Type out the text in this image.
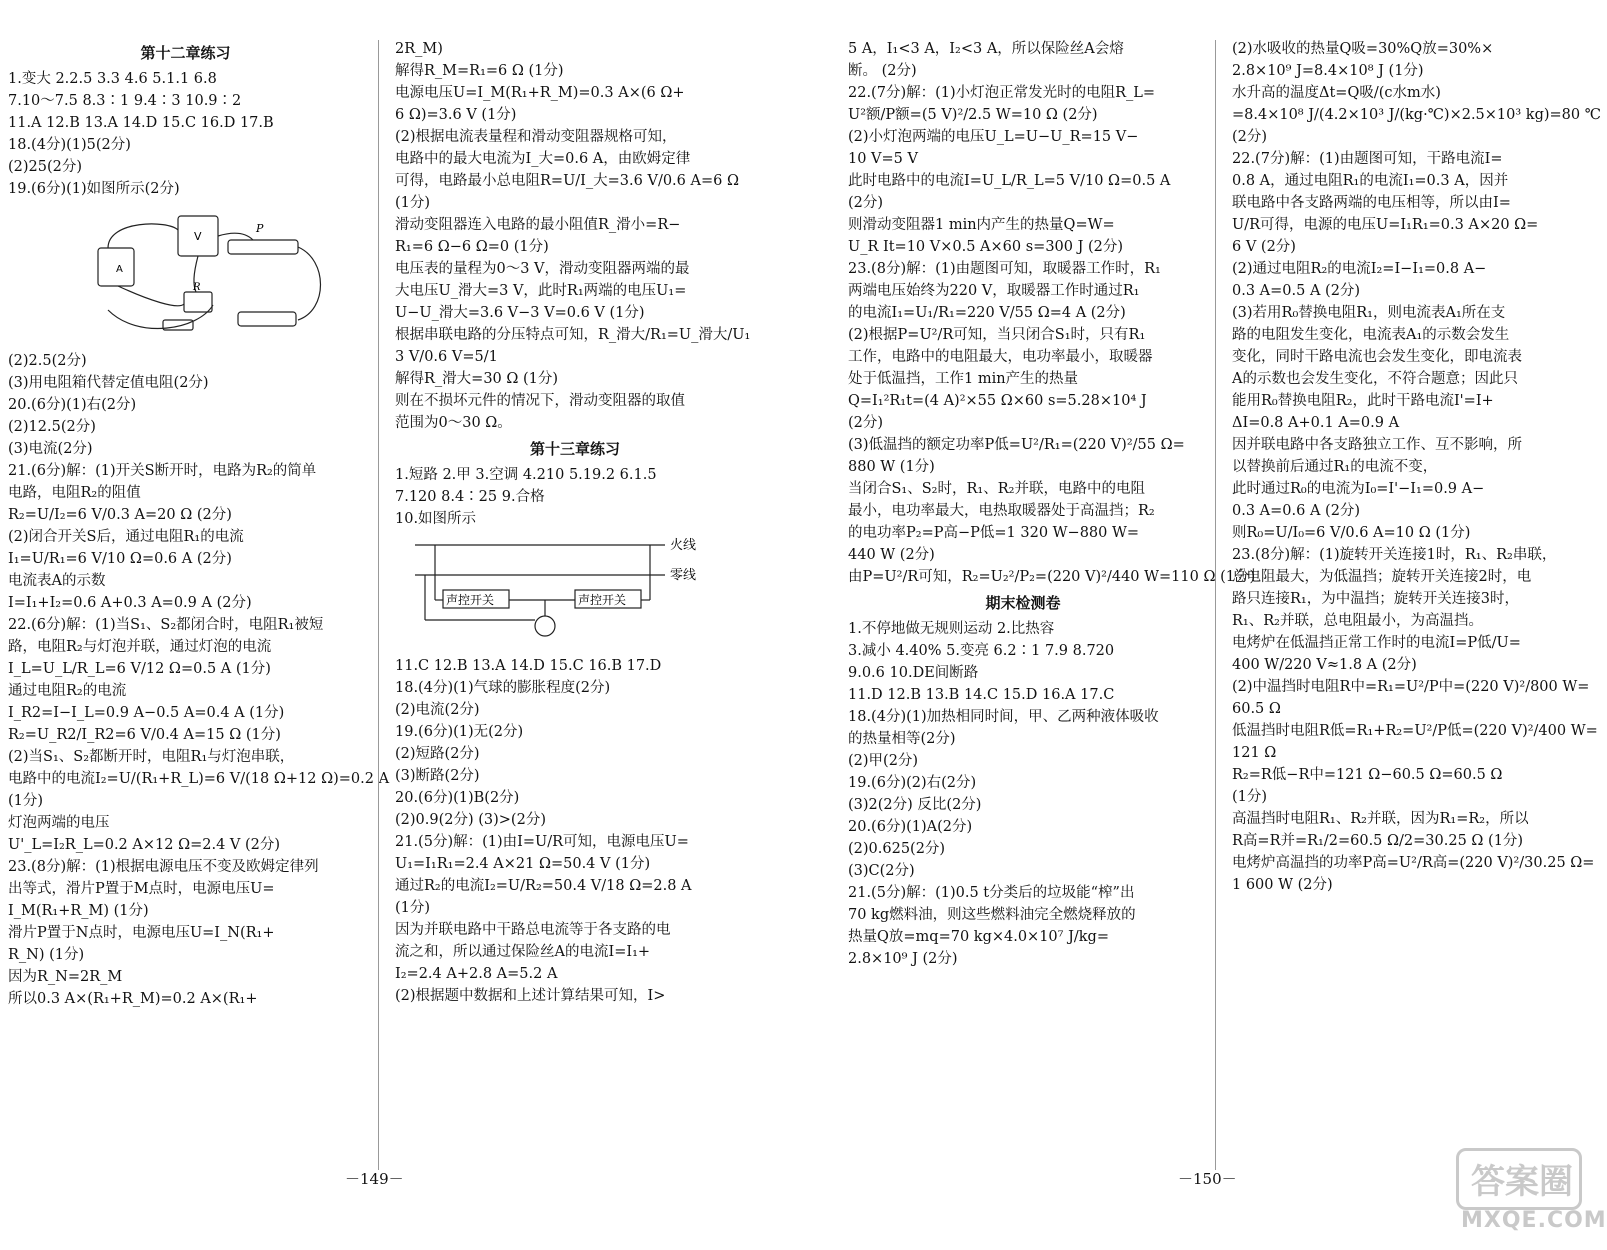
第十二章练习
1.变大 2.2.5 3.3 4.6 5.1.1 6.8
7.10～7.5 8.3∶1 9.4∶3 10.9∶2
11.A 12.B 13.A 14.D 15.C 16.D 17.B
18.(4分)(1)5(2分)
(2)25(2分)
19.(6分)(1)如图所示(2分)
A
V
R
P
(2)2.5(2分)
(3)用电阻箱代替定值电阻(2分)
20.(6分)(1)右(2分)
(2)12.5(2分)
(3)电流(2分)
21.(6分)解：(1)开关S断开时，电路为R₂的简单
电路，电阻R₂的阻值
R₂=U/I₂=6 V/0.3 A=20 Ω (2分)
(2)闭合开关S后，通过电阻R₁的电流
I₁=U/R₁=6 V/10 Ω=0.6 A (2分)
电流表A的示数
I=I₁+I₂=0.6 A+0.3 A=0.9 A (2分)
22.(6分)解：(1)当S₁、S₂都闭合时，电阻R₁被短
路，电阻R₂与灯泡并联，通过灯泡的电流
I_L=U_L/R_L=6 V/12 Ω=0.5 A (1分)
通过电阻R₂的电流
I_R2=I−I_L=0.9 A−0.5 A=0.4 A (1分)
R₂=U_R2/I_R2=6 V/0.4 A=15 Ω (1分)
(2)当S₁、S₂都断开时，电阻R₁与灯泡串联，
电路中的电流I₂=U/(R₁+R_L)=6 V/(18 Ω+12 Ω)=0.2 A
(1分)
灯泡两端的电压
U'_L=I₂R_L=0.2 A×12 Ω=2.4 V (2分)
23.(8分)解：(1)根据电源电压不变及欧姆定律列
出等式，滑片P置于M点时，电源电压U=
I_M(R₁+R_M) (1分)
滑片P置于N点时，电源电压U=I_N(R₁+
R_N) (1分)
因为R_N=2R_M
所以0.3 A×(R₁+R_M)=0.2 A×(R₁+
2R_M)
解得R_M=R₁=6 Ω (1分)
电源电压U=I_M(R₁+R_M)=0.3 A×(6 Ω+
6 Ω)=3.6 V (1分)
(2)根据电流表量程和滑动变阻器规格可知，
电路中的最大电流为I_大=0.6 A，由欧姆定律
可得，电路最小总电阻R=U/I_大=3.6 V/0.6 A=6 Ω
(1分)
滑动变阻器连入电路的最小阻值R_滑小=R−
R₁=6 Ω−6 Ω=0 (1分)
电压表的量程为0～3 V，滑动变阻器两端的最
大电压U_滑大=3 V，此时R₁两端的电压U₁=
U−U_滑大=3.6 V−3 V=0.6 V (1分)
根据串联电路的分压特点可知，R_滑大/R₁=U_滑大/U₁
3 V/0.6 V=5/1
解得R_滑大=30 Ω (1分)
则在不损坏元件的情况下，滑动变阻器的取值
范围为0～30 Ω。
第十三章练习
1.短路 2.甲 3.空调 4.210 5.19.2 6.1.5
7.120 8.4∶25 9.合格
10.如图所示
火线
零线
声控开关	声控开关
11.C 12.B 13.A 14.D 15.C 16.B 17.D
18.(4分)(1)气球的膨胀程度(2分)
(2)电流(2分)
19.(6分)(1)无(2分)
(2)短路(2分)
(3)断路(2分)
20.(6分)(1)B(2分)
(2)0.9(2分) (3)>(2分)
21.(5分)解：(1)由I=U/R可知，电源电压U=
U₁=I₁R₁=2.4 A×21 Ω=50.4 V (1分)
通过R₂的电流I₂=U/R₂=50.4 V/18 Ω=2.8 A
(1分)
因为并联电路中干路总电流等于各支路的电
流之和，所以通过保险丝A的电流I=I₁+
I₂=2.4 A+2.8 A=5.2 A
(2)根据题中数据和上述计算结果可知，I>
5 A，I₁<3 A，I₂<3 A，所以保险丝A会熔
断。 (2分)
22.(7分)解：(1)小灯泡正常发光时的电阻R_L=
U²额/P额=(5 V)²/2.5 W=10 Ω (2分)
(2)小灯泡两端的电压U_L=U−U_R=15 V−
10 V=5 V
此时电路中的电流I=U_L/R_L=5 V/10 Ω=0.5 A
(2分)
则滑动变阻器1 min内产生的热量Q=W=
U_R It=10 V×0.5 A×60 s=300 J (2分)
23.(8分)解：(1)由题图可知，取暖器工作时，R₁
两端电压始终为220 V，取暖器工作时通过R₁
的电流I₁=U₁/R₁=220 V/55 Ω=4 A (2分)
(2)根据P=U²/R可知，当只闭合S₁时，只有R₁
工作，电路中的电阻最大，电功率最小，取暖器
处于低温挡，工作1 min产生的热量
Q=I₁²R₁t=(4 A)²×55 Ω×60 s=5.28×10⁴ J
(2分)
(3)低温挡的额定功率P低=U²/R₁=(220 V)²/55 Ω=
880 W (1分)
当闭合S₁、S₂时，R₁、R₂并联，电路中的电阻
最小，电功率最大，电热取暖器处于高温挡；R₂
的电功率P₂=P高−P低=1 320 W−880 W=
440 W (2分)
由P=U²/R可知，R₂=U₂²/P₂=(220 V)²/440 W=110 Ω (1分)
期末检测卷
1.不停地做无规则运动 2.比热容
3.减小 4.40% 5.变亮 6.2∶1 7.9 8.720
9.0.6 10.DE间断路
11.D 12.B 13.B 14.C 15.D 16.A 17.C
18.(4分)(1)加热相同时间，甲、乙两种液体吸收
的热量相等(2分)
(2)甲(2分)
19.(6分)(2)右(2分)
(3)2(2分) 反比(2分)
20.(6分)(1)A(2分)
(2)0.625(2分)
(3)C(2分)
21.(5分)解：(1)0.5 t分类后的垃圾能“榨”出
70 kg燃料油，则这些燃料油完全燃烧释放的
热量Q放=mq=70 kg×4.0×10⁷ J/kg=
2.8×10⁹ J (2分)
(2)水吸收的热量Q吸=30%Q放=30%×
2.8×10⁹ J=8.4×10⁸ J (1分)
水升高的温度Δt=Q吸/(c水m水)
=8.4×10⁸ J/(4.2×10³ J/(kg·℃)×2.5×10³ kg)=80 ℃
(2分)
22.(7分)解：(1)由题图可知，干路电流I=
0.8 A，通过电阻R₁的电流I₁=0.3 A，因并
联电路中各支路两端的电压相等，所以由I=
U/R可得，电源的电压U=I₁R₁=0.3 A×20 Ω=
6 V (2分)
(2)通过电阻R₂的电流I₂=I−I₁=0.8 A−
0.3 A=0.5 A (2分)
(3)若用R₀替换电阻R₁，则电流表A₁所在支
路的电阻发生变化，电流表A₁的示数会发生
变化，同时干路电流也会发生变化，即电流表
A的示数也会发生变化，不符合题意；因此只
能用R₀替换电阻R₂，此时干路电流I'=I+
ΔI=0.8 A+0.1 A=0.9 A
因并联电路中各支路独立工作、互不影响，所
以替换前后通过R₁的电流不变，
此时通过R₀的电流为I₀=I'−I₁=0.9 A−
0.3 A=0.6 A (2分)
则R₀=U/I₀=6 V/0.6 A=10 Ω (1分)
23.(8分)解：(1)旋转开关连接1时，R₁、R₂串联，
总电阻最大，为低温挡；旋转开关连接2时，电
路只连接R₁，为中温挡；旋转开关连接3时，
R₁、R₂并联，总电阻最小，为高温挡。
电烤炉在低温挡正常工作时的电流I=P低/U=
400 W/220 V≈1.8 A (2分)
(2)中温挡时电阻R中=R₁=U²/P中=(220 V)²/800 W=
60.5 Ω
低温挡时电阻R低=R₁+R₂=U²/P低=(220 V)²/400 W=
121 Ω
R₂=R低−R中=121 Ω−60.5 Ω=60.5 Ω
(1分)
高温挡时电阻R₁、R₂并联，因为R₁=R₂，所以
R高=R并=R₁/2=60.5 Ω/2=30.25 Ω (1分)
电烤炉高温挡的功率P高=U²/R高=(220 V)²/30.25 Ω=
1 600 W (2分)
－149－	－150－	答案圈
MXQE.COM
